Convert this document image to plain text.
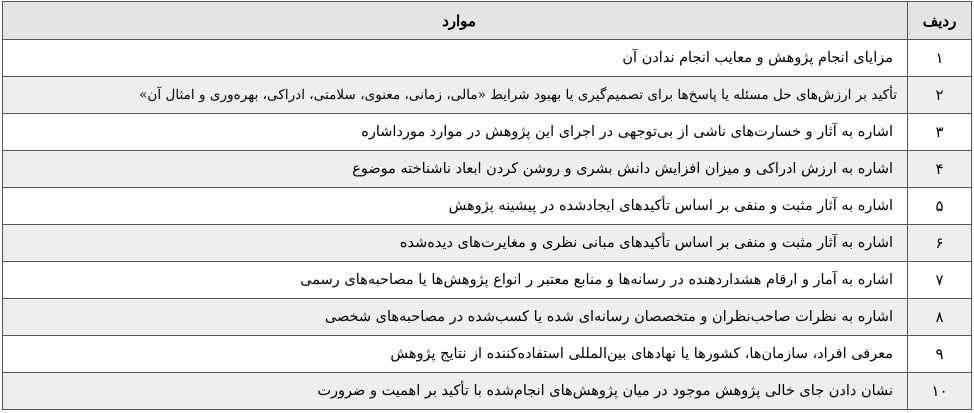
ردیف
موارد
۱
مزایای انجام پژوهش و معایب انجام ندادن آن
۲
تأکید بر ارزش‌های حل مسئله یا پاسخ‌ها برای تصمیم‌گیری یا بهبود شرایط «مالی، زمانی، معنوی، سلامتی، ادراکی، بهره‌وری و امثال آن»
۳
اشاره به آثار و خسارت‌های ناشی از بی‌توجهی در اجرای این پژوهش در موارد مورداشاره
۴
اشاره به ارزش ادراکی و میزان افزایش دانش بشری و روشن کردن ابعاد ناشناخته موضوع
۵
اشاره به آثار مثبت و منفی بر اساس تأکیدهای ایجادشده در پیشینه پژوهش
۶
اشاره به آثار مثبت و منفی بر اساس تأکیدهای مبانی نظری و مغایرت‌های دیده‌شده
۷
اشاره به آمار و ارقام هشداردهنده در رسانه‌ها و منابع معتبر ر انواع پژوهش‌ها یا مصاحبه‌های رسمی
۸
اشاره به نظرات صاحب‌نظران و متخصصان رسانه‌ای شده یا کسب‌شده در مصاحبه‌های شخصی
۹
معرفی افراد، سازمان‌ها، کشورها یا نهادهای بین‌المللی استفاده‌کننده از نتایج پژوهش
۱۰
نشان دادن جای خالی پژوهش موجود در میان پژوهش‌های انجام‌شده با تأکید بر اهمیت و ضرورت
